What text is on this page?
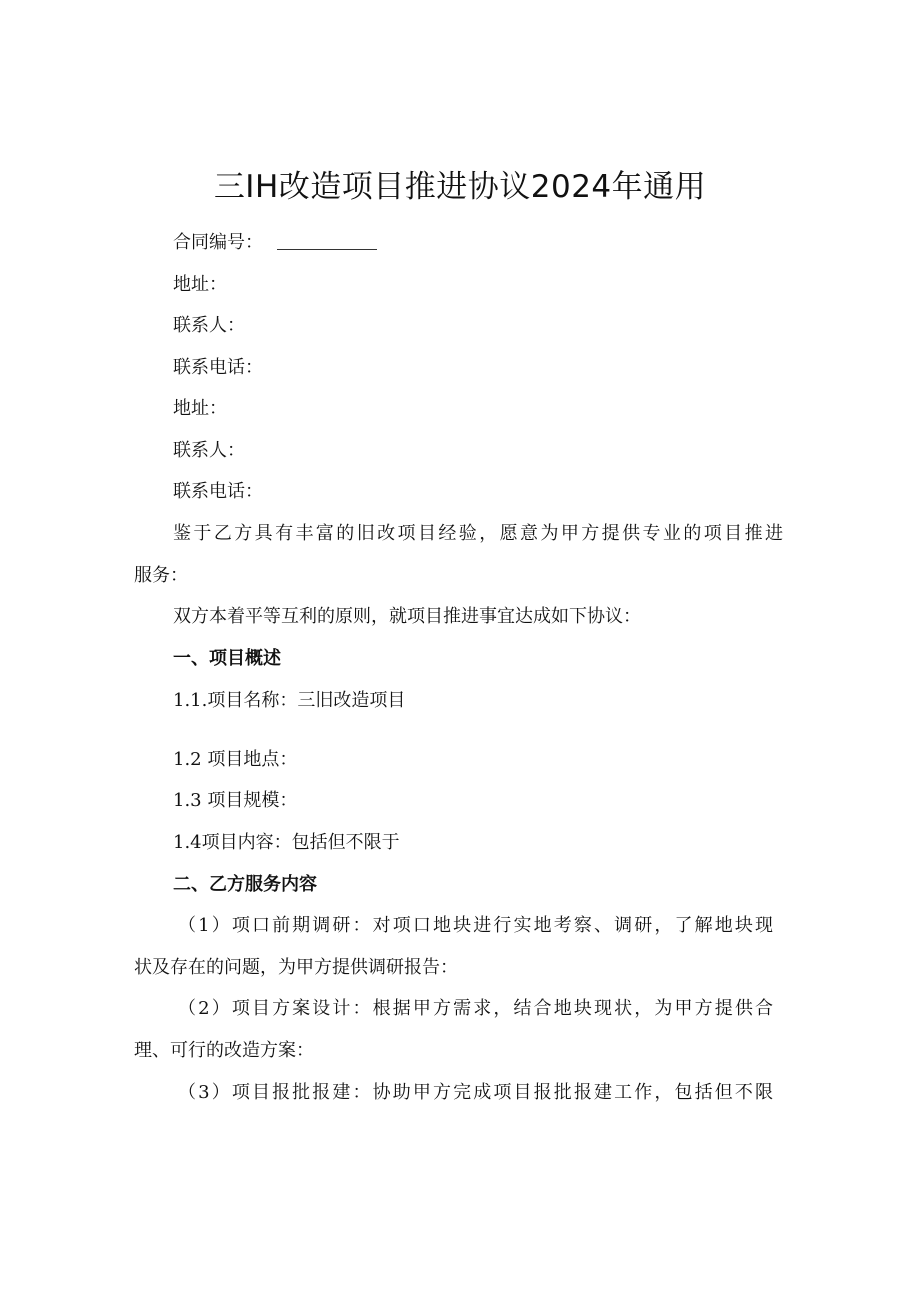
三IH改造项目推进协议2024年通用
合同编号：
地址：
联系人：
联系电话：
地址：
联系人：
联系电话：
鉴于乙方具有丰富的旧改项目经验，愿意为甲方提供专业的项目推进
服务：
双方本着平等互利的原则，就项目推进事宜达成如下协议：
一、项目概述
1.1.项目名称：三旧改造项目
1.2 项目地点：
1.3 项目规模：
1.4项目内容：包括但不限于
二、乙方服务内容
（1）项口前期调研：对项口地块进行实地考察、调研，了解地块现
状及存在的问题，为甲方提供调研报告：
（2）项目方案设计：根据甲方需求，结合地块现状，为甲方提供合
理、可行的改造方案：
（3）项目报批报建：协助甲方完成项目报批报建工作，包括但不限
